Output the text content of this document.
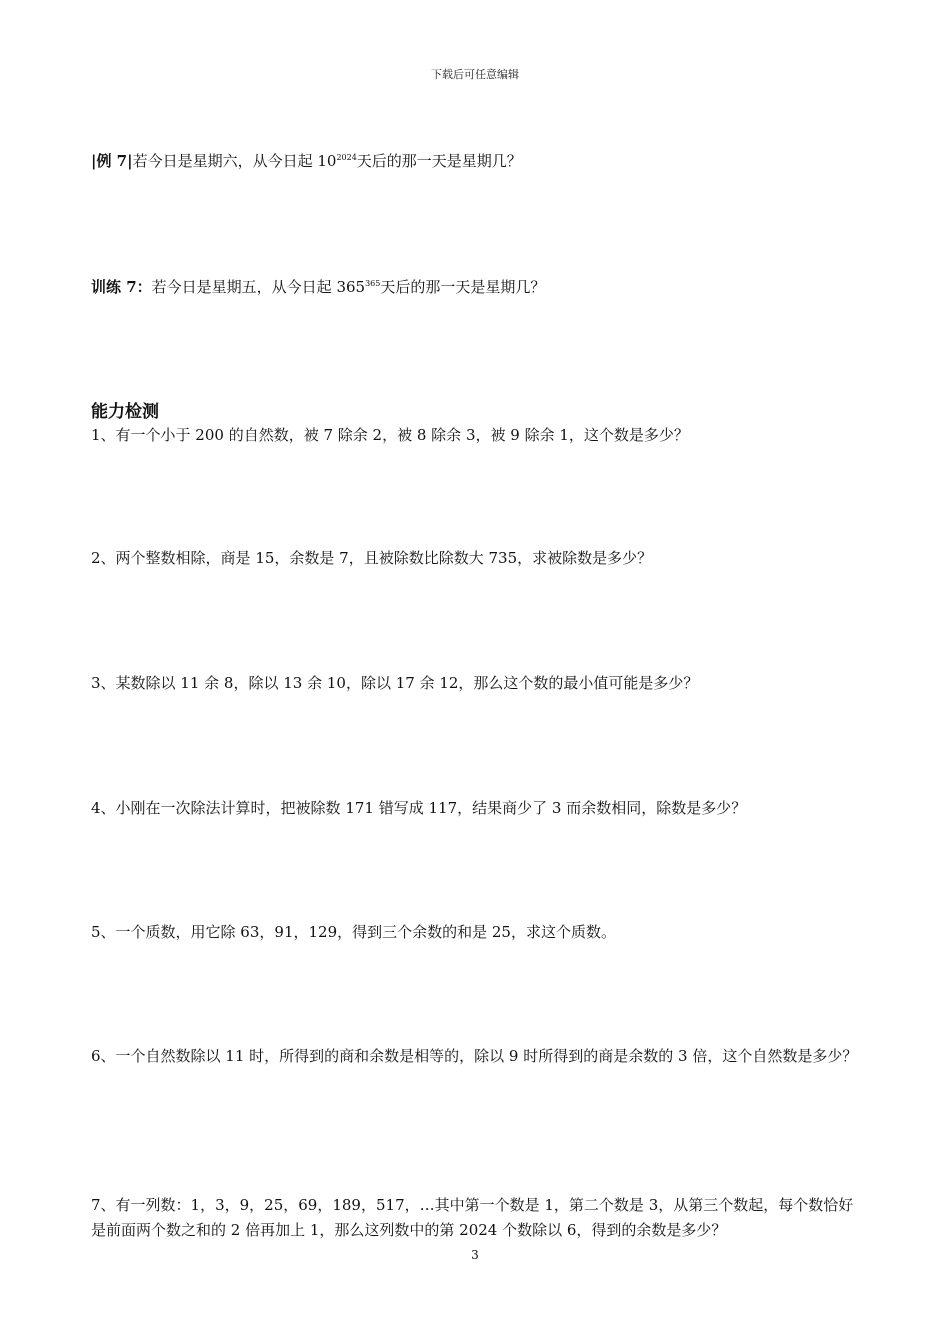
下载后可任意编辑
|例 7|若今日是星期六，从今日起 $10^{2024}$天后的那一天是星期几？
训练 7：若今日是星期五，从今日起 $365^{365}$天后的那一天是星期几？
能力检测
1、有一个小于 200 的自然数，被 7 除余 2，被 8 除余 3，被 9 除余 1，这个数是多少？
2、两个整数相除，商是 15，余数是 7，且被除数比除数大 735，求被除数是多少？
3、某数除以 11 余 8，除以 13 余 10，除以 17 余 12，那么这个数的最小值可能是多少？
4、小刚在一次除法计算时，把被除数 171 错写成 117，结果商少了 3 而余数相同，除数是多少？
5、一个质数，用它除 63，91，129，得到三个余数的和是 25，求这个质数。
6、一个自然数除以 11 时，所得到的商和余数是相等的，除以 9 时所得到的商是余数的 3 倍，这个自然数是多少？
7、有一列数：1，3，9，25，69，189，517，…其中第一个数是 1，第二个数是 3，从第三个数起，每个数恰好是前面两个数之和的 2 倍再加上 1，那么这列数中的第 2024 个数除以 6，得到的余数是多少？
3
